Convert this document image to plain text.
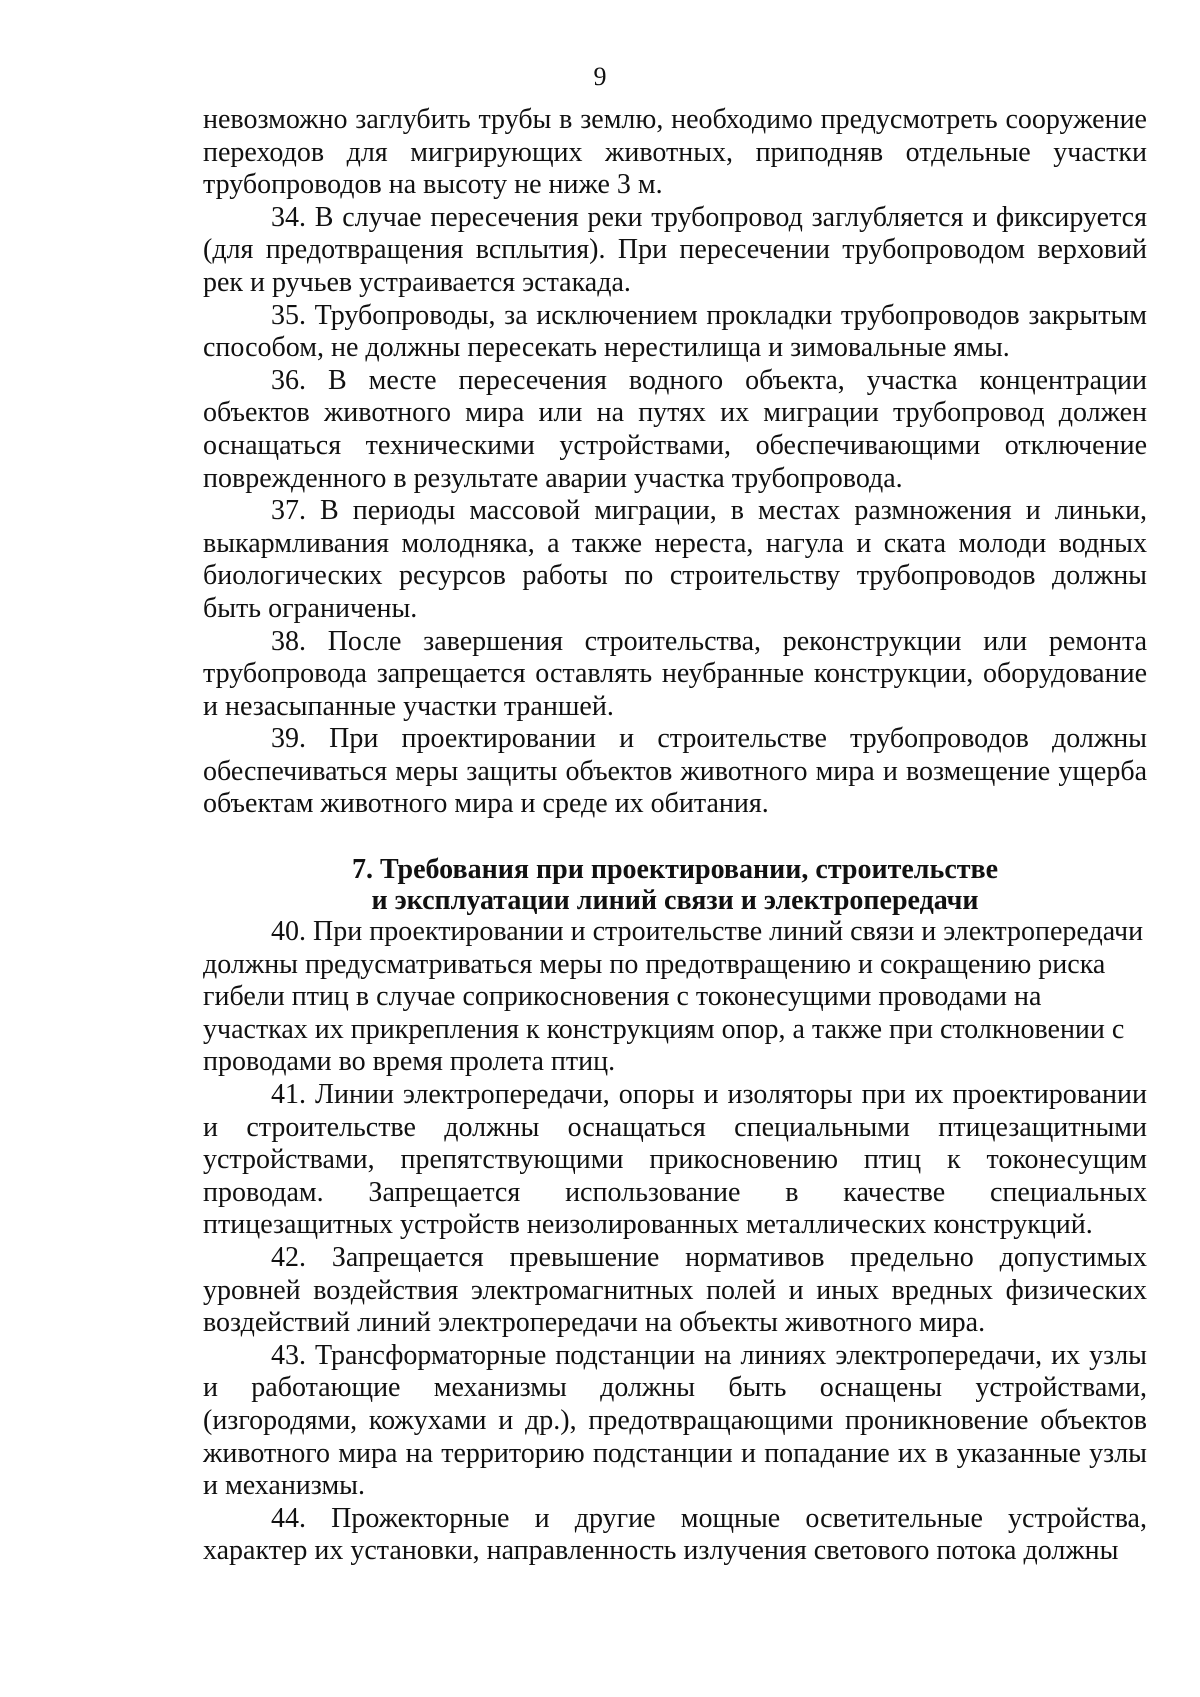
9

невозможно заглубить трубы в землю, необходимо предусмотреть сооружение переходов для мигрирующих животных, приподняв отдельные участки трубопроводов на высоту не ниже 3 м.

34. В случае пересечения реки трубопровод заглубляется и фиксируется (для предотвращения всплытия). При пересечении трубопроводом верховий рек и ручьев устраивается эстакада.

35. Трубопроводы, за исключением прокладки трубопроводов закрытым способом, не должны пересекать нерестилища и зимовальные ямы.

36. В месте пересечения водного объекта, участка концентрации объектов животного мира или на путях их миграции трубопровод должен оснащаться техническими устройствами, обеспечивающими отключение поврежденного в результате аварии участка трубопровода.

37. В периоды массовой миграции, в местах размножения и линьки, выкармливания молодняка, а также нереста, нагула и ската молоди водных биологических ресурсов работы по строительству трубопроводов должны быть ограничены.

38. После завершения строительства, реконструкции или ремонта трубопровода запрещается оставлять неубранные конструкции, оборудование и незасыпанные участки траншей.

39. При проектировании и строительстве трубопроводов должны обеспечиваться меры защиты объектов животного мира и возмещение ущерба объектам животного мира и среде их обитания.

7. Требования при проектировании, строительстве
и эксплуатации линий связи и электропередачи

40. При проектировании и строительстве линий связи и электропередачи должны предусматриваться меры по предотвращению и сокращению риска гибели птиц в случае соприкосновения с токонесущими проводами на участках их прикрепления к конструкциям опор, а также при столкновении с проводами во время пролета птиц.

41. Линии электропередачи, опоры и изоляторы при их проектировании и строительстве должны оснащаться специальными птицезащитными устройствами, препятствующими прикосновению птиц к токонесущим проводам. Запрещается использование в качестве специальных птицезащитных устройств неизолированных металлических конструкций.

42. Запрещается превышение нормативов предельно допустимых уровней воздействия электромагнитных полей и иных вредных физических воздействий линий электропередачи на объекты животного мира.

43. Трансформаторные подстанции на линиях электропередачи, их узлы и работающие механизмы должны быть оснащены устройствами, (изгородями, кожухами и др.), предотвращающими проникновение объектов животного мира на территорию подстанции и попадание их в указанные узлы и механизмы.

44. Прожекторные и другие мощные осветительные устройства, характер их установки, направленность излучения светового потока должны
